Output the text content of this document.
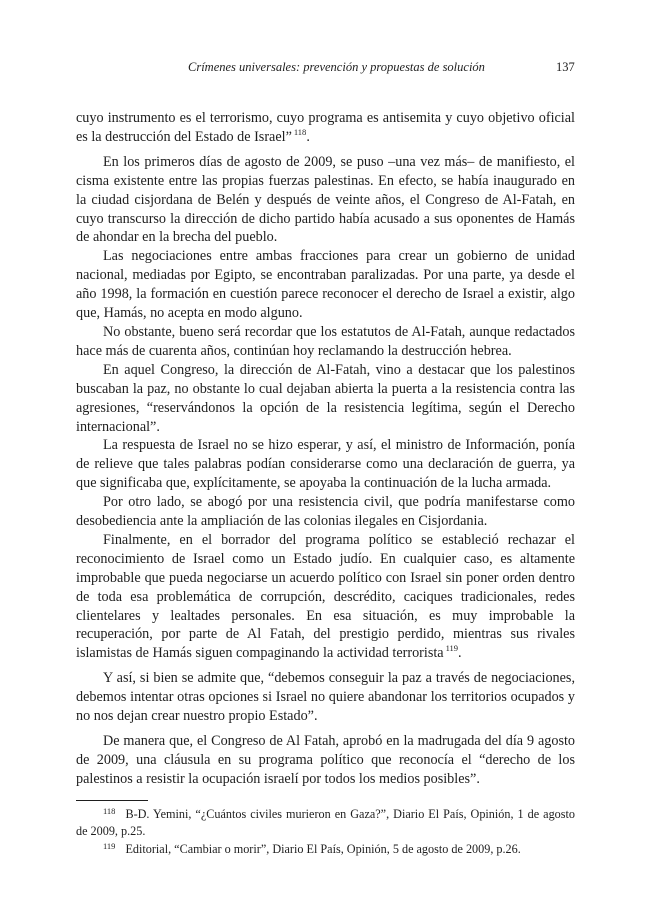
Crímenes universales: prevención y propuestas de solución	137

cuyo instrumento es el terrorismo, cuyo programa es antisemita y cuyo objetivo oficial es la destrucción del Estado de Israel” $^{118}$.

En los primeros días de agosto de 2009, se puso –una vez más– de manifiesto, el cisma existente entre las propias fuerzas palestinas. En efecto, se había inaugurado en la ciudad cisjordana de Belén y después de veinte años, el Congreso de Al-Fatah, en cuyo transcurso la dirección de dicho partido había acusado a sus oponentes de Hamás de ahondar en la brecha del pueblo.

Las negociaciones entre ambas fracciones para crear un gobierno de unidad nacional, mediadas por Egipto, se encontraban paralizadas. Por una parte, ya desde el año 1998, la formación en cuestión parece reconocer el derecho de Israel a existir, algo que, Hamás, no acepta en modo alguno.

No obstante, bueno será recordar que los estatutos de Al-Fatah, aunque redactados hace más de cuarenta años, continúan hoy reclamando la destrucción hebrea.

En aquel Congreso, la dirección de Al-Fatah, vino a destacar que los palestinos buscaban la paz, no obstante lo cual dejaban abierta la puerta a la resistencia contra las agresiones, “reservándonos la opción de la resistencia legítima, según el Derecho internacional”.

La respuesta de Israel no se hizo esperar, y así, el ministro de Información, ponía de relieve que tales palabras podían considerarse como una declaración de guerra, ya que significaba que, explícitamente, se apoyaba la continuación de la lucha armada.

Por otro lado, se abogó por una resistencia civil, que podría manifestarse como desobediencia ante la ampliación de las colonias ilegales en Cisjordania.

Finalmente, en el borrador del programa político se estableció rechazar el reconocimiento de Israel como un Estado judío. En cualquier caso, es altamente improbable que pueda negociarse un acuerdo político con Israel sin poner orden dentro de toda esa problemática de corrupción, descrédito, caciques tradicionales, redes clientelares y lealtades personales. En esa situación, es muy improbable la recuperación, por parte de Al Fatah, del prestigio perdido, mientras sus rivales islamistas de Hamás siguen compaginando la actividad terrorista $^{119}$.

Y así, si bien se admite que, “debemos conseguir la paz a través de negociaciones, debemos intentar otras opciones si Israel no quiere abandonar los territorios ocupados y no nos dejan crear nuestro propio Estado”.

De manera que, el Congreso de Al Fatah, aprobó en la madrugada del día 9 agosto de 2009, una cláusula en su programa político que reconocía el “derecho de los palestinos a resistir la ocupación israelí por todos los medios posibles”.

$^{118}$ B-D. Yemini, “¿Cuántos civiles murieron en Gaza?”, Diario El País, Opinión, 1 de agosto de 2009, p.25.

$^{119}$ Editorial, “Cambiar o morir”, Diario El País, Opinión, 5 de agosto de 2009, p.26.
